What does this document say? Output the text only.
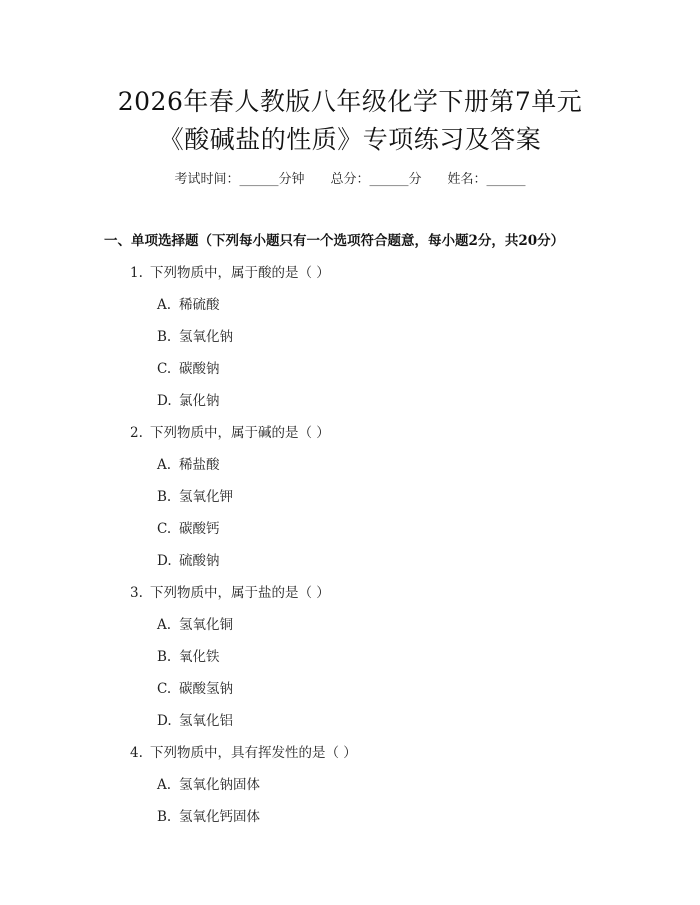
2026年春人教版八年级化学下册第7单元
《酸碱盐的性质》专项练习及答案
考试时间：______分钟 总分：______分 姓名：______
一、单项选择题（下列每小题只有一个选项符合题意，每小题2分，共20分）
1. 下列物质中，属于酸的是（ ）
A. 稀硫酸
B. 氢氧化钠
C. 碳酸钠
D. 氯化钠
2. 下列物质中，属于碱的是（ ）
A. 稀盐酸
B. 氢氧化钾
C. 碳酸钙
D. 硫酸钠
3. 下列物质中，属于盐的是（ ）
A. 氢氧化铜
B. 氧化铁
C. 碳酸氢钠
D. 氢氧化铝
4. 下列物质中，具有挥发性的是（ ）
A. 氢氧化钠固体
B. 氢氧化钙固体
